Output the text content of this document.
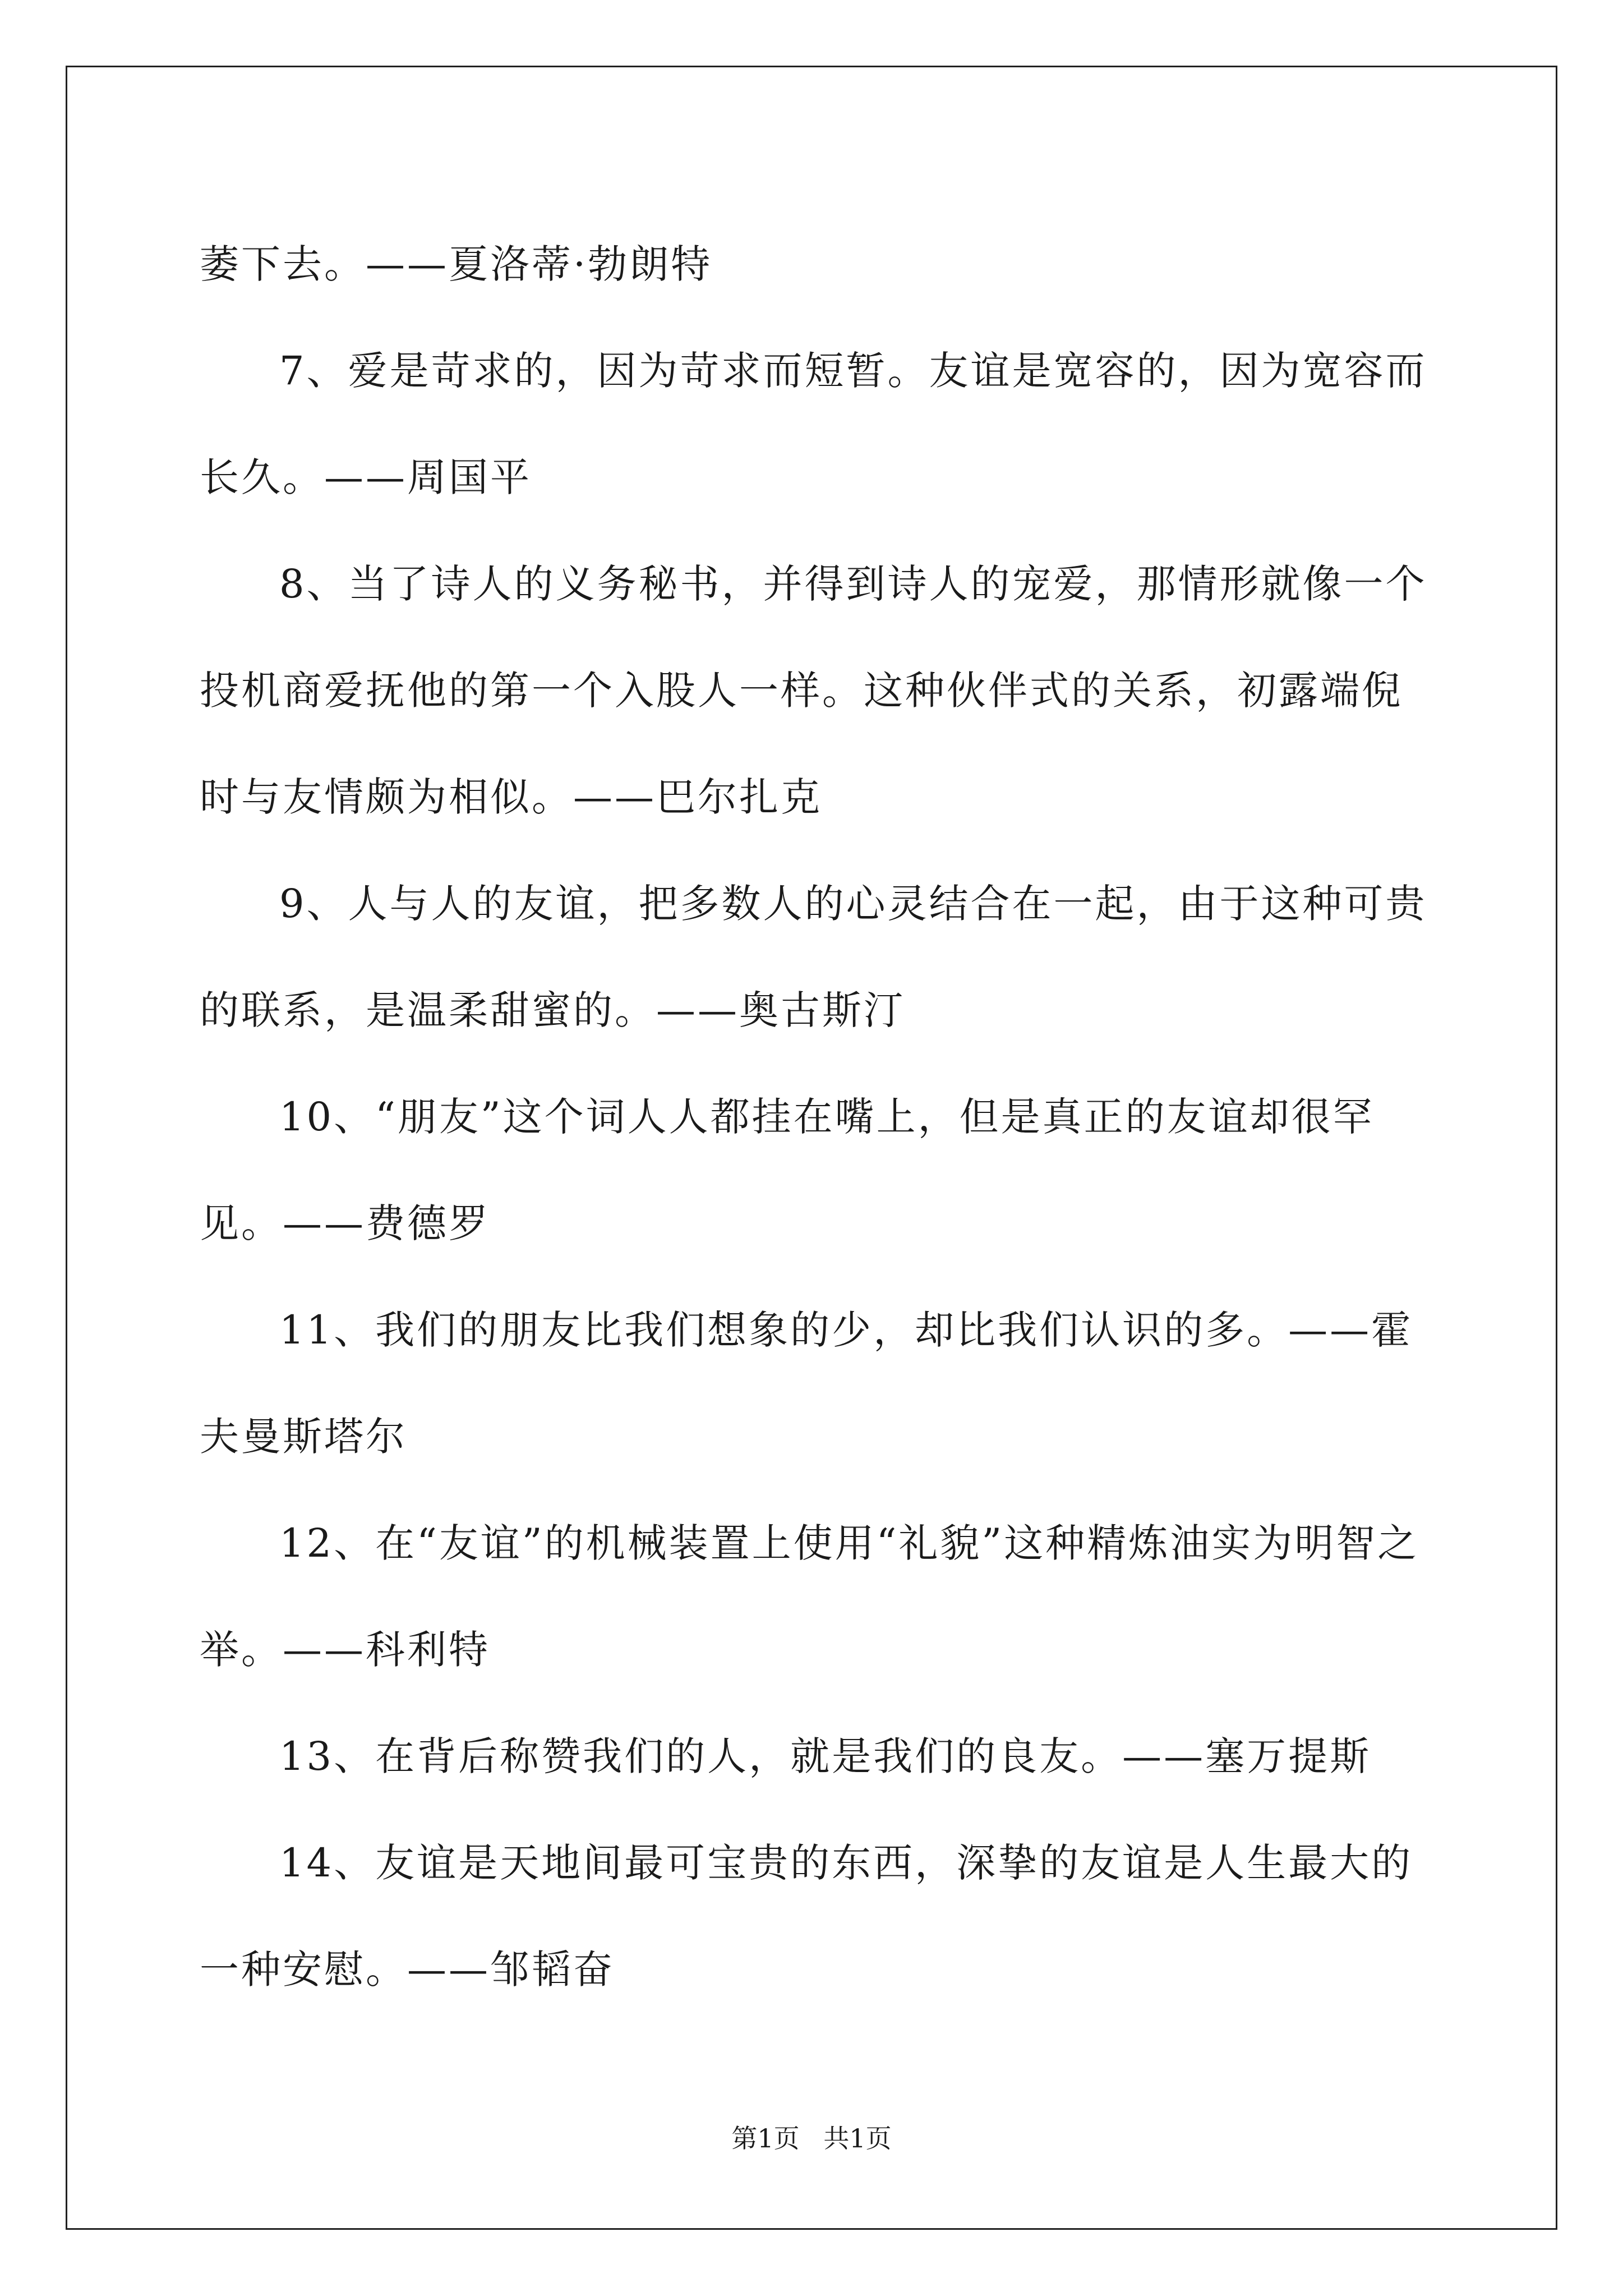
萎下去。——夏洛蒂·勃朗特

7、爱是苛求的，因为苛求而短暂。友谊是宽容的，因为宽容而长久。——周国平

8、当了诗人的义务秘书，并得到诗人的宠爱，那情形就像一个投机商爱抚他的第一个入股人一样。这种伙伴式的关系，初露端倪时与友情颇为相似。——巴尔扎克

9、人与人的友谊，把多数人的心灵结合在一起，由于这种可贵的联系，是温柔甜蜜的。——奥古斯汀

10、“朋友”这个词人人都挂在嘴上，但是真正的友谊却很罕见。——费德罗

11、我们的朋友比我们想象的少，却比我们认识的多。——霍夫曼斯塔尔

12、在“友谊”的机械装置上使用“礼貌”这种精炼油实为明智之举。——科利特

13、在背后称赞我们的人，就是我们的良友。——塞万提斯

14、友谊是天地间最可宝贵的东西，深挚的友谊是人生最大的一种安慰。——邹韬奋

第1页 共1页
